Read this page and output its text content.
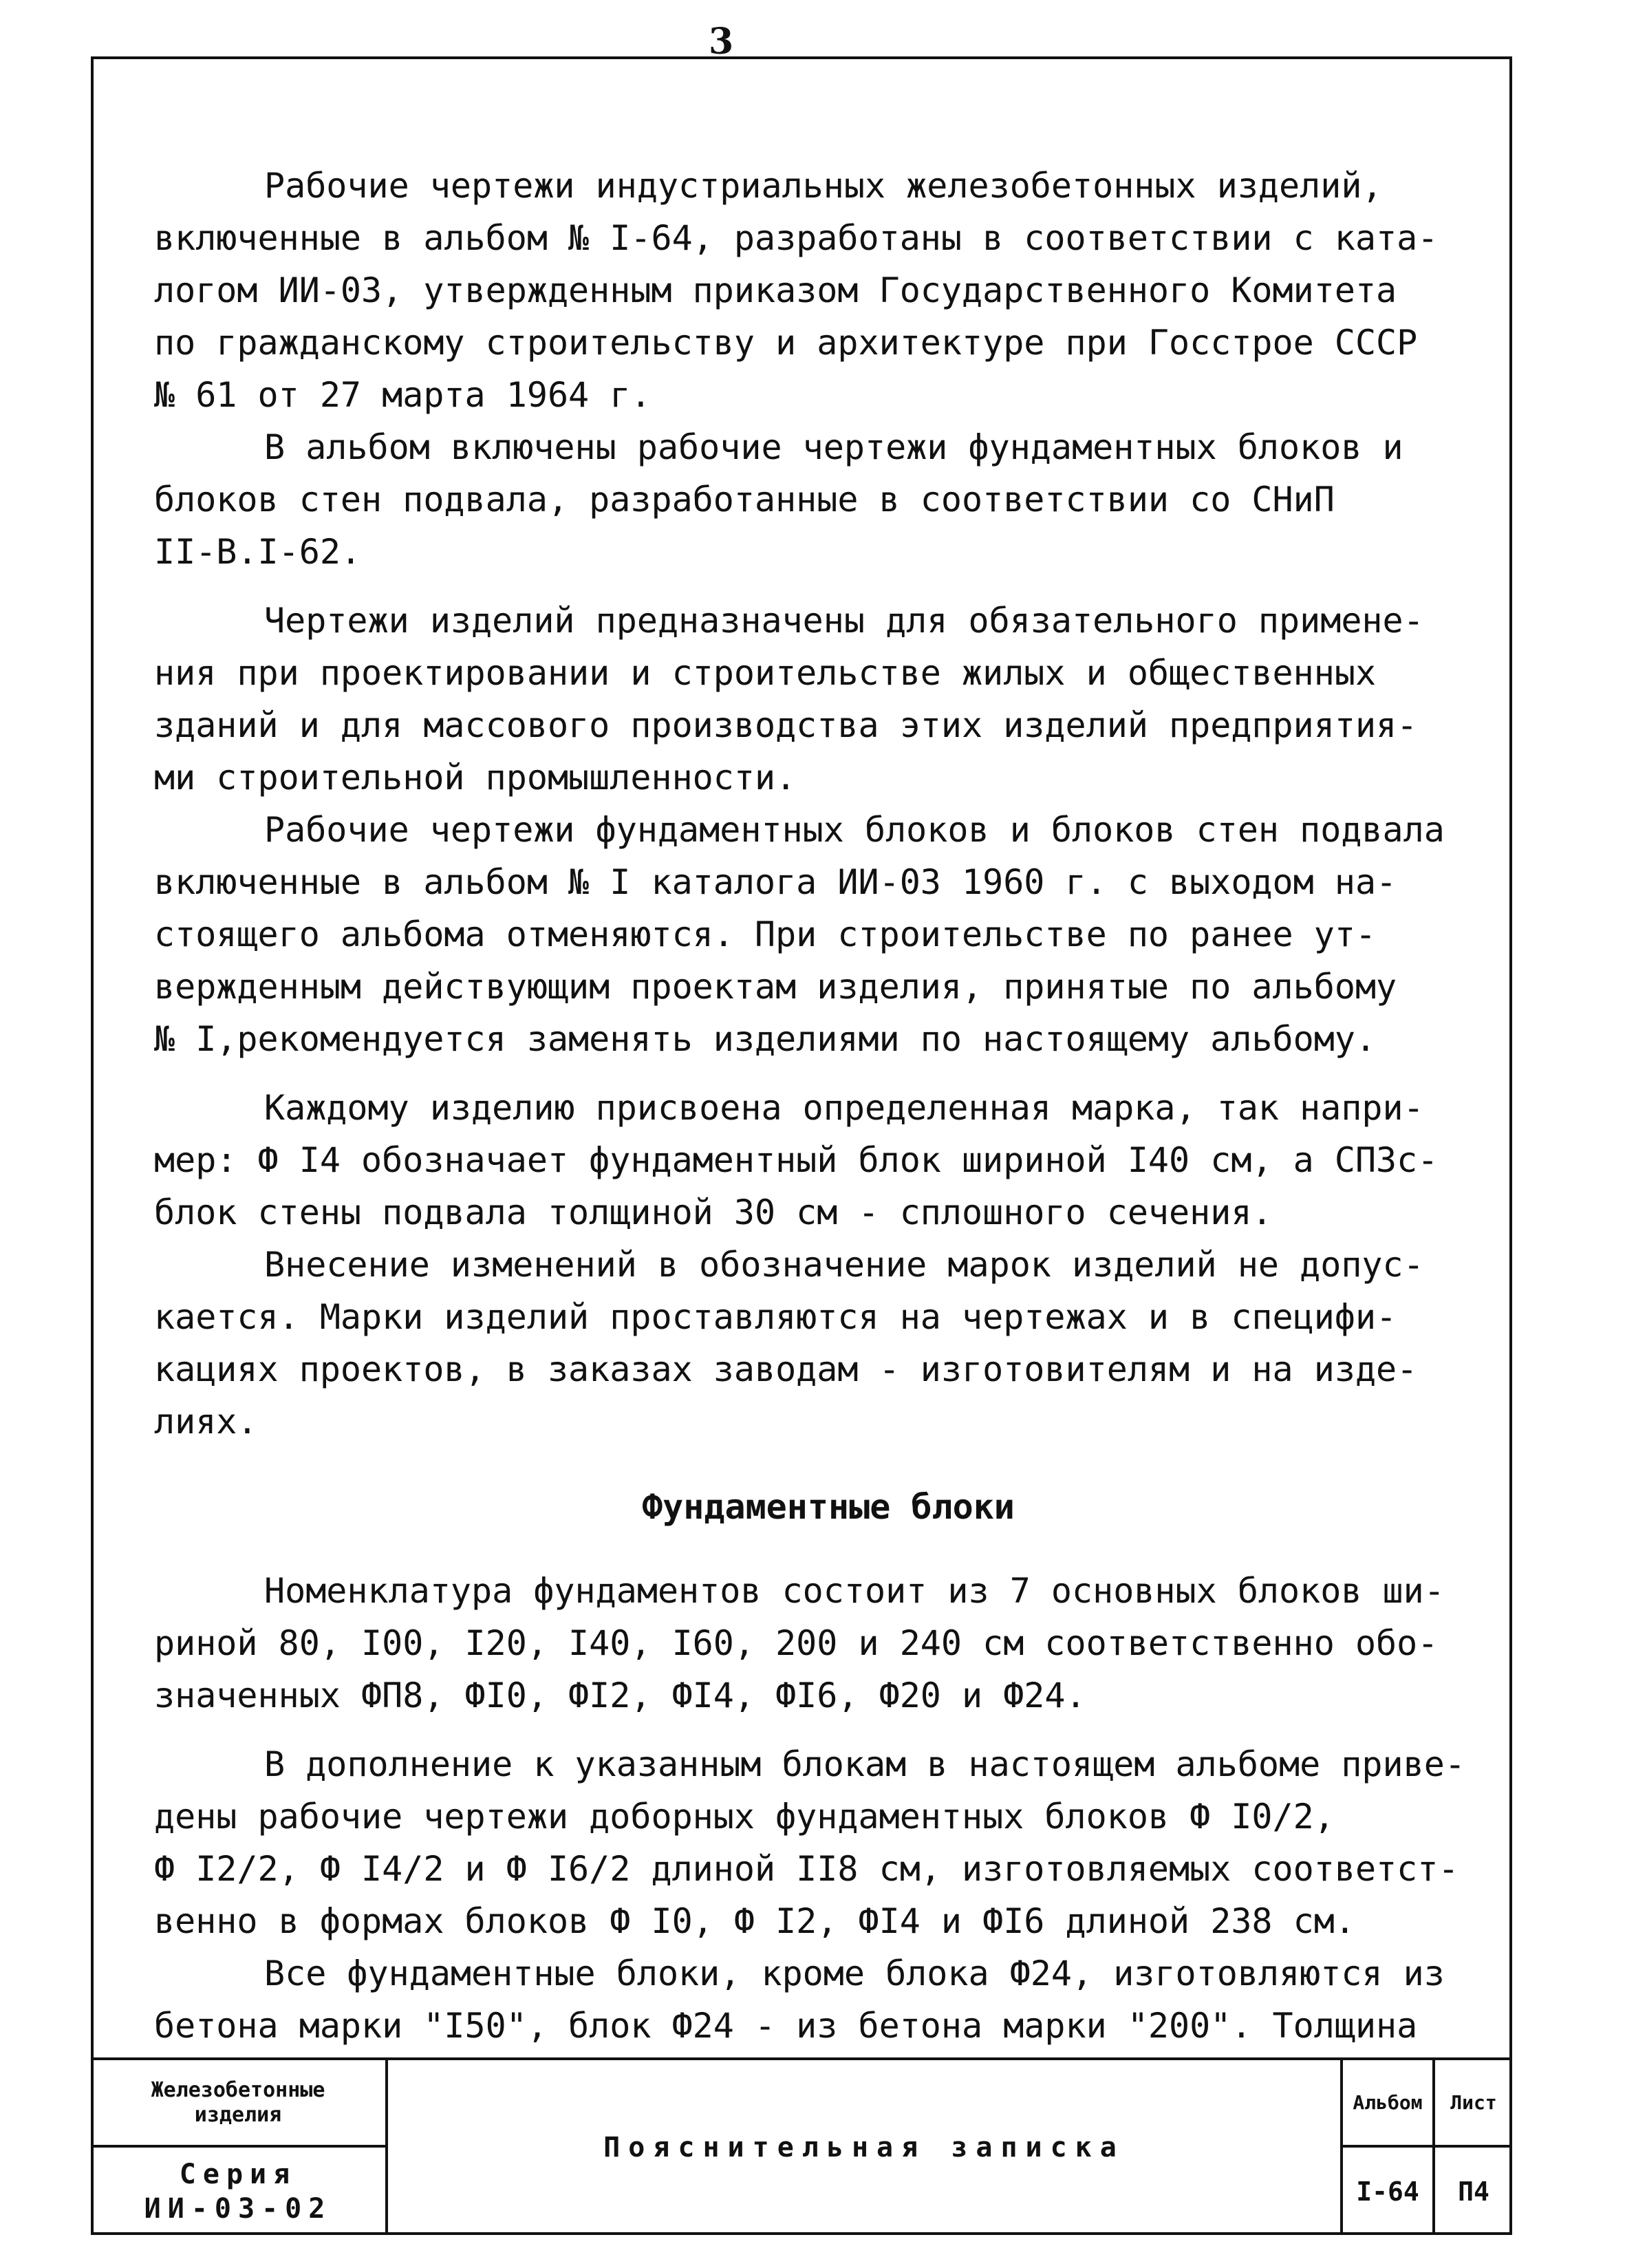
3

Рабочие чертежи индустриальных железобетонных изделий,

включенные в альбом № I-64, разработаны в соответствии с ката-

логом ИИ-03, утвержденным приказом Государственного Комитета

по гражданскому строительству и архитектуре при Госстрое СССР

№ 61 от 27 марта 1964 г.

В альбом включены рабочие чертежи фундаментных блоков и

блоков стен подвала, разработанные в соответствии со СНиП

II-B.I-62.

Чертежи изделий предназначены для обязательного примене-

ния при проектировании и строительстве жилых и общественных

зданий и для массового производства этих изделий предприятия-

ми строительной промышленности.

Рабочие чертежи фундаментных блоков и блоков стен подвала

включенные в альбом № I каталога ИИ-03 1960 г. с выходом на-

стоящего альбома отменяются. При строительстве по ранее ут-

вержденным действующим проектам изделия, принятые по альбому

№ I,рекомендуется заменять изделиями по настоящему альбому.

Каждому изделию присвоена определенная марка, так напри-

мер: Ф I4 обозначает фундаментный блок шириной I40 см, а СП3с-

блок стены подвала толщиной 30 см - сплошного сечения.

Внесение изменений в обозначение марок изделий не допус-

кается. Марки изделий проставляются на чертежах и в специфи-

кациях проектов, в заказах заводам - изготовителям и на изде-

лиях.

Фундаментные блоки

Номенклатура фундаментов состоит из 7 основных блоков ши-

риной 80, I00, I20, I40, I60, 200 и 240 см соответственно обо-

значенных ФП8, ФI0, ФI2, ФI4, ФI6, Ф20 и Ф24.

В дополнение к указанным блокам в настоящем альбоме приве-

дены рабочие чертежи доборных фундаментных блоков Ф I0/2,

Ф I2/2, Ф I4/2 и Ф I6/2 длиной II8 см, изготовляемых соответст-

венно в формах блоков Ф I0, Ф I2, ФI4 и ФI6 длиной 238 см.

Все фундаментные блоки, кроме блока Ф24, изготовляются из

бетона марки "I50", блок Ф24 - из бетона марки "200". Толщина

Железобетонные
изделия
Серия
ИИ-03-02
Пояснительная записка
Альбом
I-64
Лист
П4
